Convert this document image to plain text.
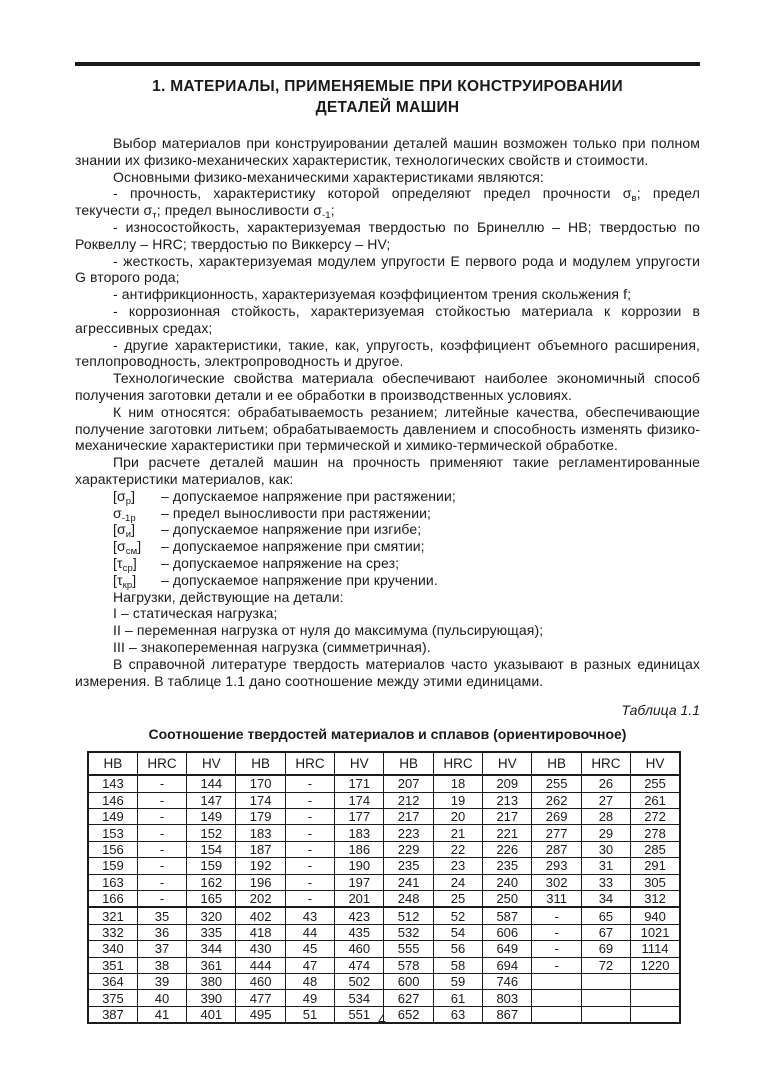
1. МАТЕРИАЛЫ, ПРИМЕНЯЕМЫЕ ПРИ КОНСТРУИРОВАНИИ
ДЕТАЛЕЙ МАШИН

Выбор материалов при конструировании деталей машин возможен только при полном знании их физико-механических характеристик, технологических свойств и стоимости.

Основными физико-механическими характеристиками являются:

- прочность, характеристику которой определяют предел прочности $\sigma_в$; предел текучести $\sigma_т$; предел выносливости $\sigma_{-1}$;

- износостойкость, характеризуемая твердостью по Бринеллю – НВ; твердостью по Роквеллу – HRC; твердостью по Виккерсу – HV;

- жесткость, характеризуемая модулем упругости Е первого рода и модулем упругости G второго рода;

- антифрикционность, характеризуемая коэффициентом трения скольжения f;

- коррозионная стойкость, характеризуемая стойкостью материала к коррозии в агрессивных средах;

- другие характеристики, такие, как, упругость, коэффициент объемного расширения, теплопроводность, электропроводность и другое.

Технологические свойства материала обеспечивают наиболее экономичный способ получения заготовки детали и ее обработки в производственных условиях.

К ним относятся: обрабатываемость резанием; литейные качества, обеспечивающие получение заготовки литьем; обрабатываемость давлением и способность изменять физико-механические характеристики при термической и химико-термической обработке.

При расчете деталей машин на прочность применяют такие регламентированные характеристики материалов, как:

$[\sigma_р]$	– допускаемое напряжение при растяжении;
$\sigma_{-1р}$	– предел выносливости при растяжении;
$[\sigma_и]$	– допускаемое напряжение при изгибе;
$[\sigma_{см}]$	– допускаемое напряжение при смятии;
$[\tau_{ср}]$	– допускаемое напряжение на срез;
$[\tau_{кр}]$	– допускаемое напряжение при кручении.

Нагрузки, действующие на детали:

I – статическая нагрузка;

II – переменная нагрузка от нуля до максимума (пульсирующая);

III – знакопеременная нагрузка (симметричная).

В справочной литературе твердость материалов часто указывают в разных единицах измерения. В таблице 1.1 дано соотношение между этими единицами.

Таблица 1.1

Соотношение твердостей материалов и сплавов (ориентировочное)

НВ	HRC	HV	НВ	HRC	HV	НВ	HRC	HV	НВ	HRC	HV
143	-	144	170	-	171	207	18	209	255	26	255
146	-	147	174	-	174	212	19	213	262	27	261
149	-	149	179	-	177	217	20	217	269	28	272
153	-	152	183	-	183	223	21	221	277	29	278
156	-	154	187	-	186	229	22	226	287	30	285
159	-	159	192	-	190	235	23	235	293	31	291
163	-	162	196	-	197	241	24	240	302	33	305
166	-	165	202	-	201	248	25	250	311	34	312
321	35	320	402	43	423	512	52	587	-	65	940
332	36	335	418	44	435	532	54	606	-	67	1021
340	37	344	430	45	460	555	56	649	-	69	1114
351	38	361	444	47	474	578	58	694	-	72	1220
364	39	380	460	48	502	600	59	746			
375	40	390	477	49	534	627	61	803			
387	41	401	495	51	551	652	63	867			
4
